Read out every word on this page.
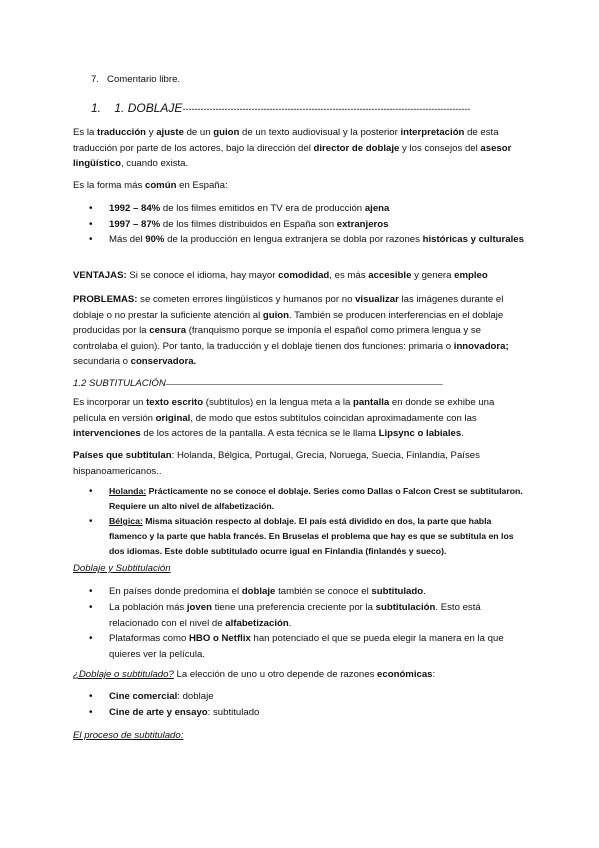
7. Comentario libre.
1. 1. DOBLAJE------------------------------------------------------------------------------------------------

Es la traducción y ajuste de un guion de un texto audiovisual y la posterior interpretación de esta traducción por parte de los actores, bajo la dirección del director de doblaje y los consejos del asesor lingüístico, cuando exista.

Es la forma más común en España:

• 1992 – 84% de los filmes emitidos en TV era de producción ajena
• 1997 – 87% de los filmes distribuidos en España son extranjeros
• Más del 90% de la producción en lengua extranjera se dobla por razones históricas y culturales

VENTAJAS: Si se conoce el idioma, hay mayor comodidad, es más accesible y genera empleo

PROBLEMAS: se cometen errores lingüísticos y humanos por no visualizar las imágenes durante el doblaje o no prestar la suficiente atención al guion. También se producen interferencias en el doblaje producidas por la censura (franquismo porque se imponía el español como primera lengua y se controlaba el guion). Por tanto, la traducción y el doblaje tienen dos funciones: primaria o innovadora; secundaria o conservadora.

1.2 SUBTITULACIÓN——————————————————————————————————————————————

Es incorporar un texto escrito (subtítulos) en la lengua meta a la pantalla en donde se exhibe una película en versión original, de modo que estos subtítulos coincidan aproximadamente con las intervenciones de los actores de la pantalla. A esta técnica se le llama Lipsync o labiales.

Países que subtitulan: Holanda, Bélgica, Portugal, Grecia, Noruega, Suecia, Finlandia, Países hispanoamericanos..

• Holanda: Prácticamente no se conoce el doblaje. Series como Dallas o Falcon Crest se subtitularon. Requiere un alto nivel de alfabetización.
• Bélgica: Misma situación respecto al doblaje. El país está dividido en dos, la parte que habla flamenco y la parte que habla francés. En Bruselas el problema que hay es que se subtitula en los dos idiomas. Este doble subtitulado ocurre igual en Finlandia (finlandés y sueco).
Doblaje y Subtitulación
• En países donde predomina el doblaje también se conoce el subtitulado.
• La población más joven tiene una preferencia creciente por la subtitulación. Esto está relacionado con el nivel de alfabetización.
• Plataformas como HBO o Netflix han potenciado el que se pueda elegir la manera en la que quieres ver la película.

¿Doblaje o subtitulado? La elección de uno u otro depende de razones económicas:

• Cine comercial: doblaje
• Cine de arte y ensayo: subtitulado
El proceso de subtitulado:
